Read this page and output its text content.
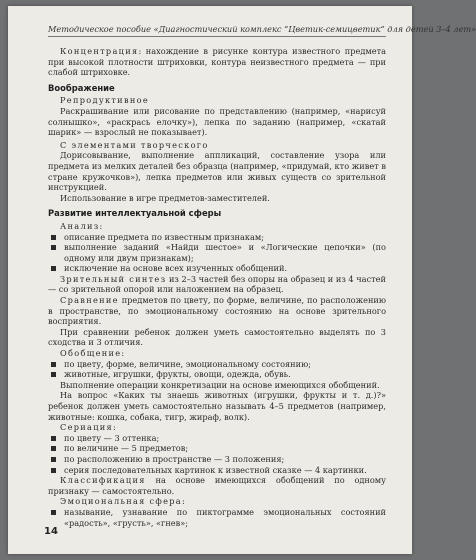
Методическое пособие «Диагностический комплекс “Цветик-семицветик” для детей 3–4 лет»

Концентрация: нахождение в рисунке контура известного предмета при высокой плотности штриховки, контура неизвестного предмета — при слабой штриховке.

Воображение

Репродуктивное

Раскрашивание или рисование по представлению (например, «нарисуй солнышко», «раскрась елочку»), лепка по заданию (например, «скатай шарик» — взрослый не показывает).

С элементами творческого

Дорисовывание, выполнение аппликаций, составление узора или предмета из мелких деталей без образца (например, «придумай, кто живет в стране кружочков»), лепка предметов или живых существ со зрительной инструкцией.

Использование в игре предметов-заместителей.

Развитие интеллектуальной сферы

Анализ:

описание предмета по известным признакам;
выполнение заданий «Найди шестое» и «Логические цепочки» (по одному или двум признакам);
исключение на основе всех изученных обобщений.

Зрительный синтез из 2–3 частей без опоры на образец и из 4 частей — со зрительной опорой или наложением на образец.

Сравнение предметов по цвету, по форме, величине, по расположению в пространстве, по эмоциональному состоянию на основе зрительного восприятия.

При сравнении ребенок должен уметь самостоятельно выделять по 3 сходства и 3 отличия.

Обобщение:

по цвету, форме, величине, эмоциональному состоянию;
животные, игрушки, фрукты, овощи, одежда, обувь.

Выполнение операции конкретизации на основе имеющихся обобщений.

На вопрос «Каких ты знаешь животных (игрушки, фрукты и т. д.)?» ребенок должен уметь самостоятельно называть 4–5 предметов (например, животные: кошка, собака, тигр, жираф, волк).

Сериация:

по цвету — 3 оттенка;
по величине — 5 предметов;
по расположению в пространстве — 3 положения;
серия последовательных картинок к известной сказке — 4 картинки.

Классификация на основе имеющихся обобщений по одному признаку — самостоятельно.

Эмоциональная сфера:

называние, узнавание по пиктограмме эмоциональных состояний «радость», «грусть», «гнев»;
14
